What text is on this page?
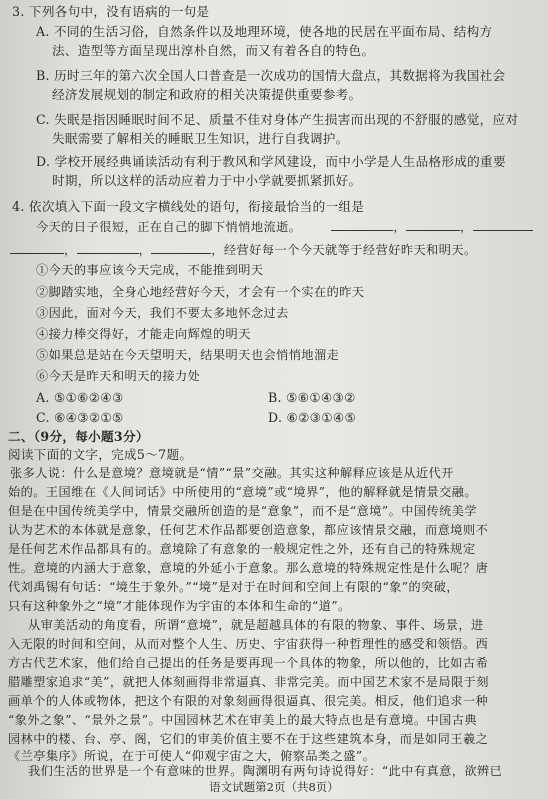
3. 下列各句中，没有语病的一句是
A. 不同的生活习俗，自然条件以及地理环境，使各地的民居在平面布局、结构方
法、造型等方面呈现出淳朴自然，而又有着各自的特色。
B. 历时三年的第六次全国人口普查是一次成功的国情大盘点，其数据将为我国社会
经济发展规划的制定和政府的相关决策提供重要参考。
C. 失眠是指因睡眠时间不足、质量不佳对身体产生损害而出现的不舒服的感觉，应对
失眠需要了解相关的睡眠卫生知识，进行自我调护。
D. 学校开展经典诵读活动有利于教风和学风建设，而中小学是人生品格形成的重要
时期，所以这样的活动应着力于中小学就要抓紧抓好。
4. 依次填入下面一段文字横线处的语句，衔接最恰当的一组是
今天的日子很短，正在自己的脚下悄悄地流逝。	，	，
，	，	，经营好每一个今天就等于经营好昨天和明天。
①今天的事应该今天完成，不能推到明天
②脚踏实地，全身心地经营好今天，才会有一个实在的昨天
③因此，面对今天，我们不要太多地怀念过去
④接力棒交得好，才能走向辉煌的明天
⑤如果总是站在今天望明天，结果明天也会悄悄地溜走
⑥今天是昨天和明天的接力处
A. ⑤①⑥②④③	B. ⑤⑥①④③②
C. ⑥④③②①⑤	D. ⑥②③①④⑤
二、（9分，每小题3分）
阅读下面的文字，完成5～7题。
张多人说：什么是意境？意境就是“情”“景”交融。其实这种解释应该是从近代开
始的。王国维在《人间词话》中所使用的“意境”或“境界”，他的解释就是情景交融。
但是在中国传统美学中，情景交融所创造的是“意象”，而不是“意境”。中国传统美学
认为艺术的本体就是意象，任何艺术作品都要创造意象，都应该情景交融，而意境则不
是任何艺术作品都具有的。意境除了有意象的一般规定性之外，还有自己的特殊规定
性。意境的内涵大于意象，意境的外延小于意象。那么意境的特殊规定性是什么呢？唐
代刘禹锡有句话：“境生于象外。”“境”是对于在时间和空间上有限的“象”的突破，
只有这种象外之“境”才能体现作为宇宙的本体和生命的“道”。
从审美活动的角度看，所谓“意境”，就是超越具体的有限的物象、事件、场景，进
入无限的时间和空间，从而对整个人生、历史、宇宙获得一种哲理性的感受和领悟。西
方古代艺术家，他们给自己提出的任务是要再现一个具体的物象，所以他的，比如古希
腊雕塑家追求“美”，就把人体刻画得非常逼真、非常完美。而中国艺术家不是局限于刻
画单个的人体或物体，把这个有限的对象刻画得很逼真、很完美。相反，他们追求一种
“象外之象”、“景外之景”。中国园林艺术在审美上的最大特点也是有意境。中国古典
园林中的楼、台、亭、阁，它们的审美价值主要不在于这些建筑本身，而是如同王羲之
《兰亭集序》所说，在于可使人“仰观宇宙之大，俯察品类之盛”。
我们生活的世界是一个有意味的世界。陶渊明有两句诗说得好：“此中有真意，欲辨已
语文试题第2页（共8页）
